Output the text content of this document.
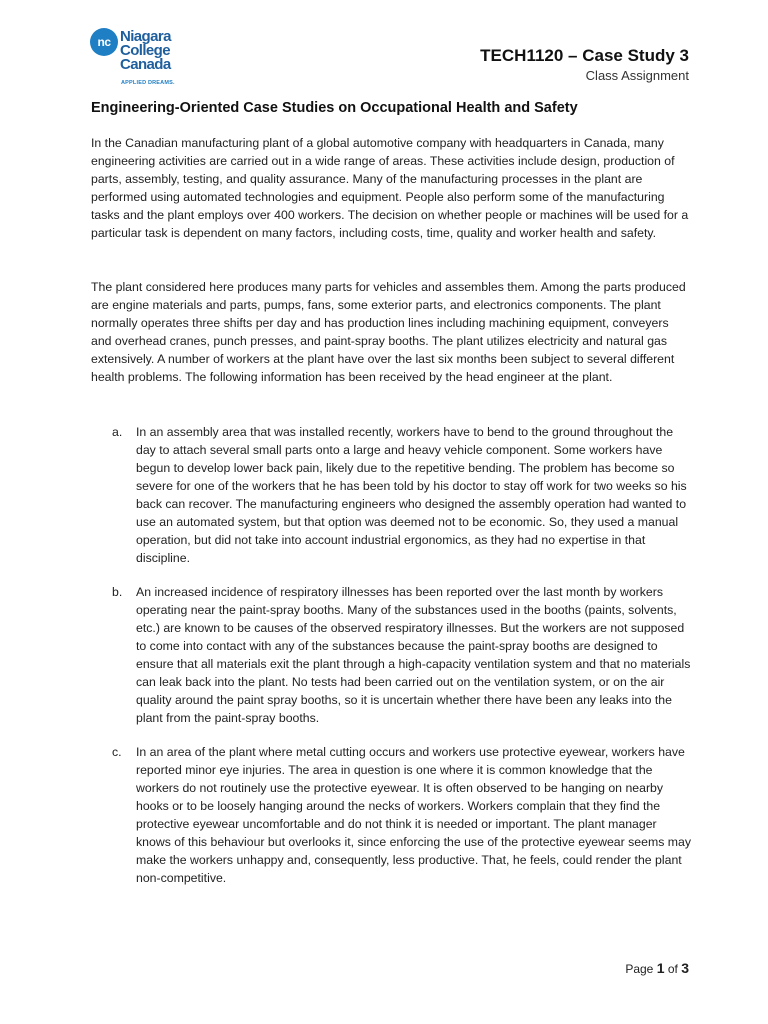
nc Niagara
College
Canada
APPLIED DREAMS.
TECH1120 – Case Study 3
Class Assignment
Engineering-Oriented Case Studies on Occupational Health and Safety

In the Canadian manufacturing plant of a global automotive company with headquarters in Canada, many engineering activities are carried out in a wide range of areas. These activities include design, production of parts, assembly, testing, and quality assurance. Many of the manufacturing processes in the plant are performed using automated technologies and equipment. People also perform some of the manufacturing tasks and the plant employs over 400 workers. The decision on whether people or machines will be used for a particular task is dependent on many factors, including costs, time, quality and worker health and safety.

The plant considered here produces many parts for vehicles and assembles them. Among the parts produced are engine materials and parts, pumps, fans, some exterior parts, and electronics components. The plant normally operates three shifts per day and has production lines including machining equipment, conveyers and overhead cranes, punch presses, and paint-spray booths. The plant utilizes electricity and natural gas extensively. A number of workers at the plant have over the last six months been subject to several different health problems. The following information has been received by the head engineer at the plant.

a. In an assembly area that was installed recently, workers have to bend to the ground throughout the day to attach several small parts onto a large and heavy vehicle component. Some workers have begun to develop lower back pain, likely due to the repetitive bending. The problem has become so severe for one of the workers that he has been told by his doctor to stay off work for two weeks so his back can recover. The manufacturing engineers who designed the assembly operation had wanted to use an automated system, but that option was deemed not to be economic. So, they used a manual operation, but did not take into account industrial ergonomics, as they had no expertise in that discipline.

b. An increased incidence of respiratory illnesses has been reported over the last month by workers operating near the paint-spray booths. Many of the substances used in the booths (paints, solvents, etc.) are known to be causes of the observed respiratory illnesses. But the workers are not supposed to come into contact with any of the substances because the paint-spray booths are designed to ensure that all materials exit the plant through a high-capacity ventilation system and that no materials can leak back into the plant. No tests had been carried out on the ventilation system, or on the air quality around the paint spray booths, so it is uncertain whether there have been any leaks into the plant from the paint-spray booths.

c. In an area of the plant where metal cutting occurs and workers use protective eyewear, workers have reported minor eye injuries. The area in question is one where it is common knowledge that the workers do not routinely use the protective eyewear. It is often observed to be hanging on nearby hooks or to be loosely hanging around the necks of workers. Workers complain that they find the protective eyewear uncomfortable and do not think it is needed or important. The plant manager knows of this behaviour but overlooks it, since enforcing the use of the protective eyewear seems may make the workers unhappy and, consequently, less productive. That, he feels, could render the plant non-competitive.

Page 1 of 3
